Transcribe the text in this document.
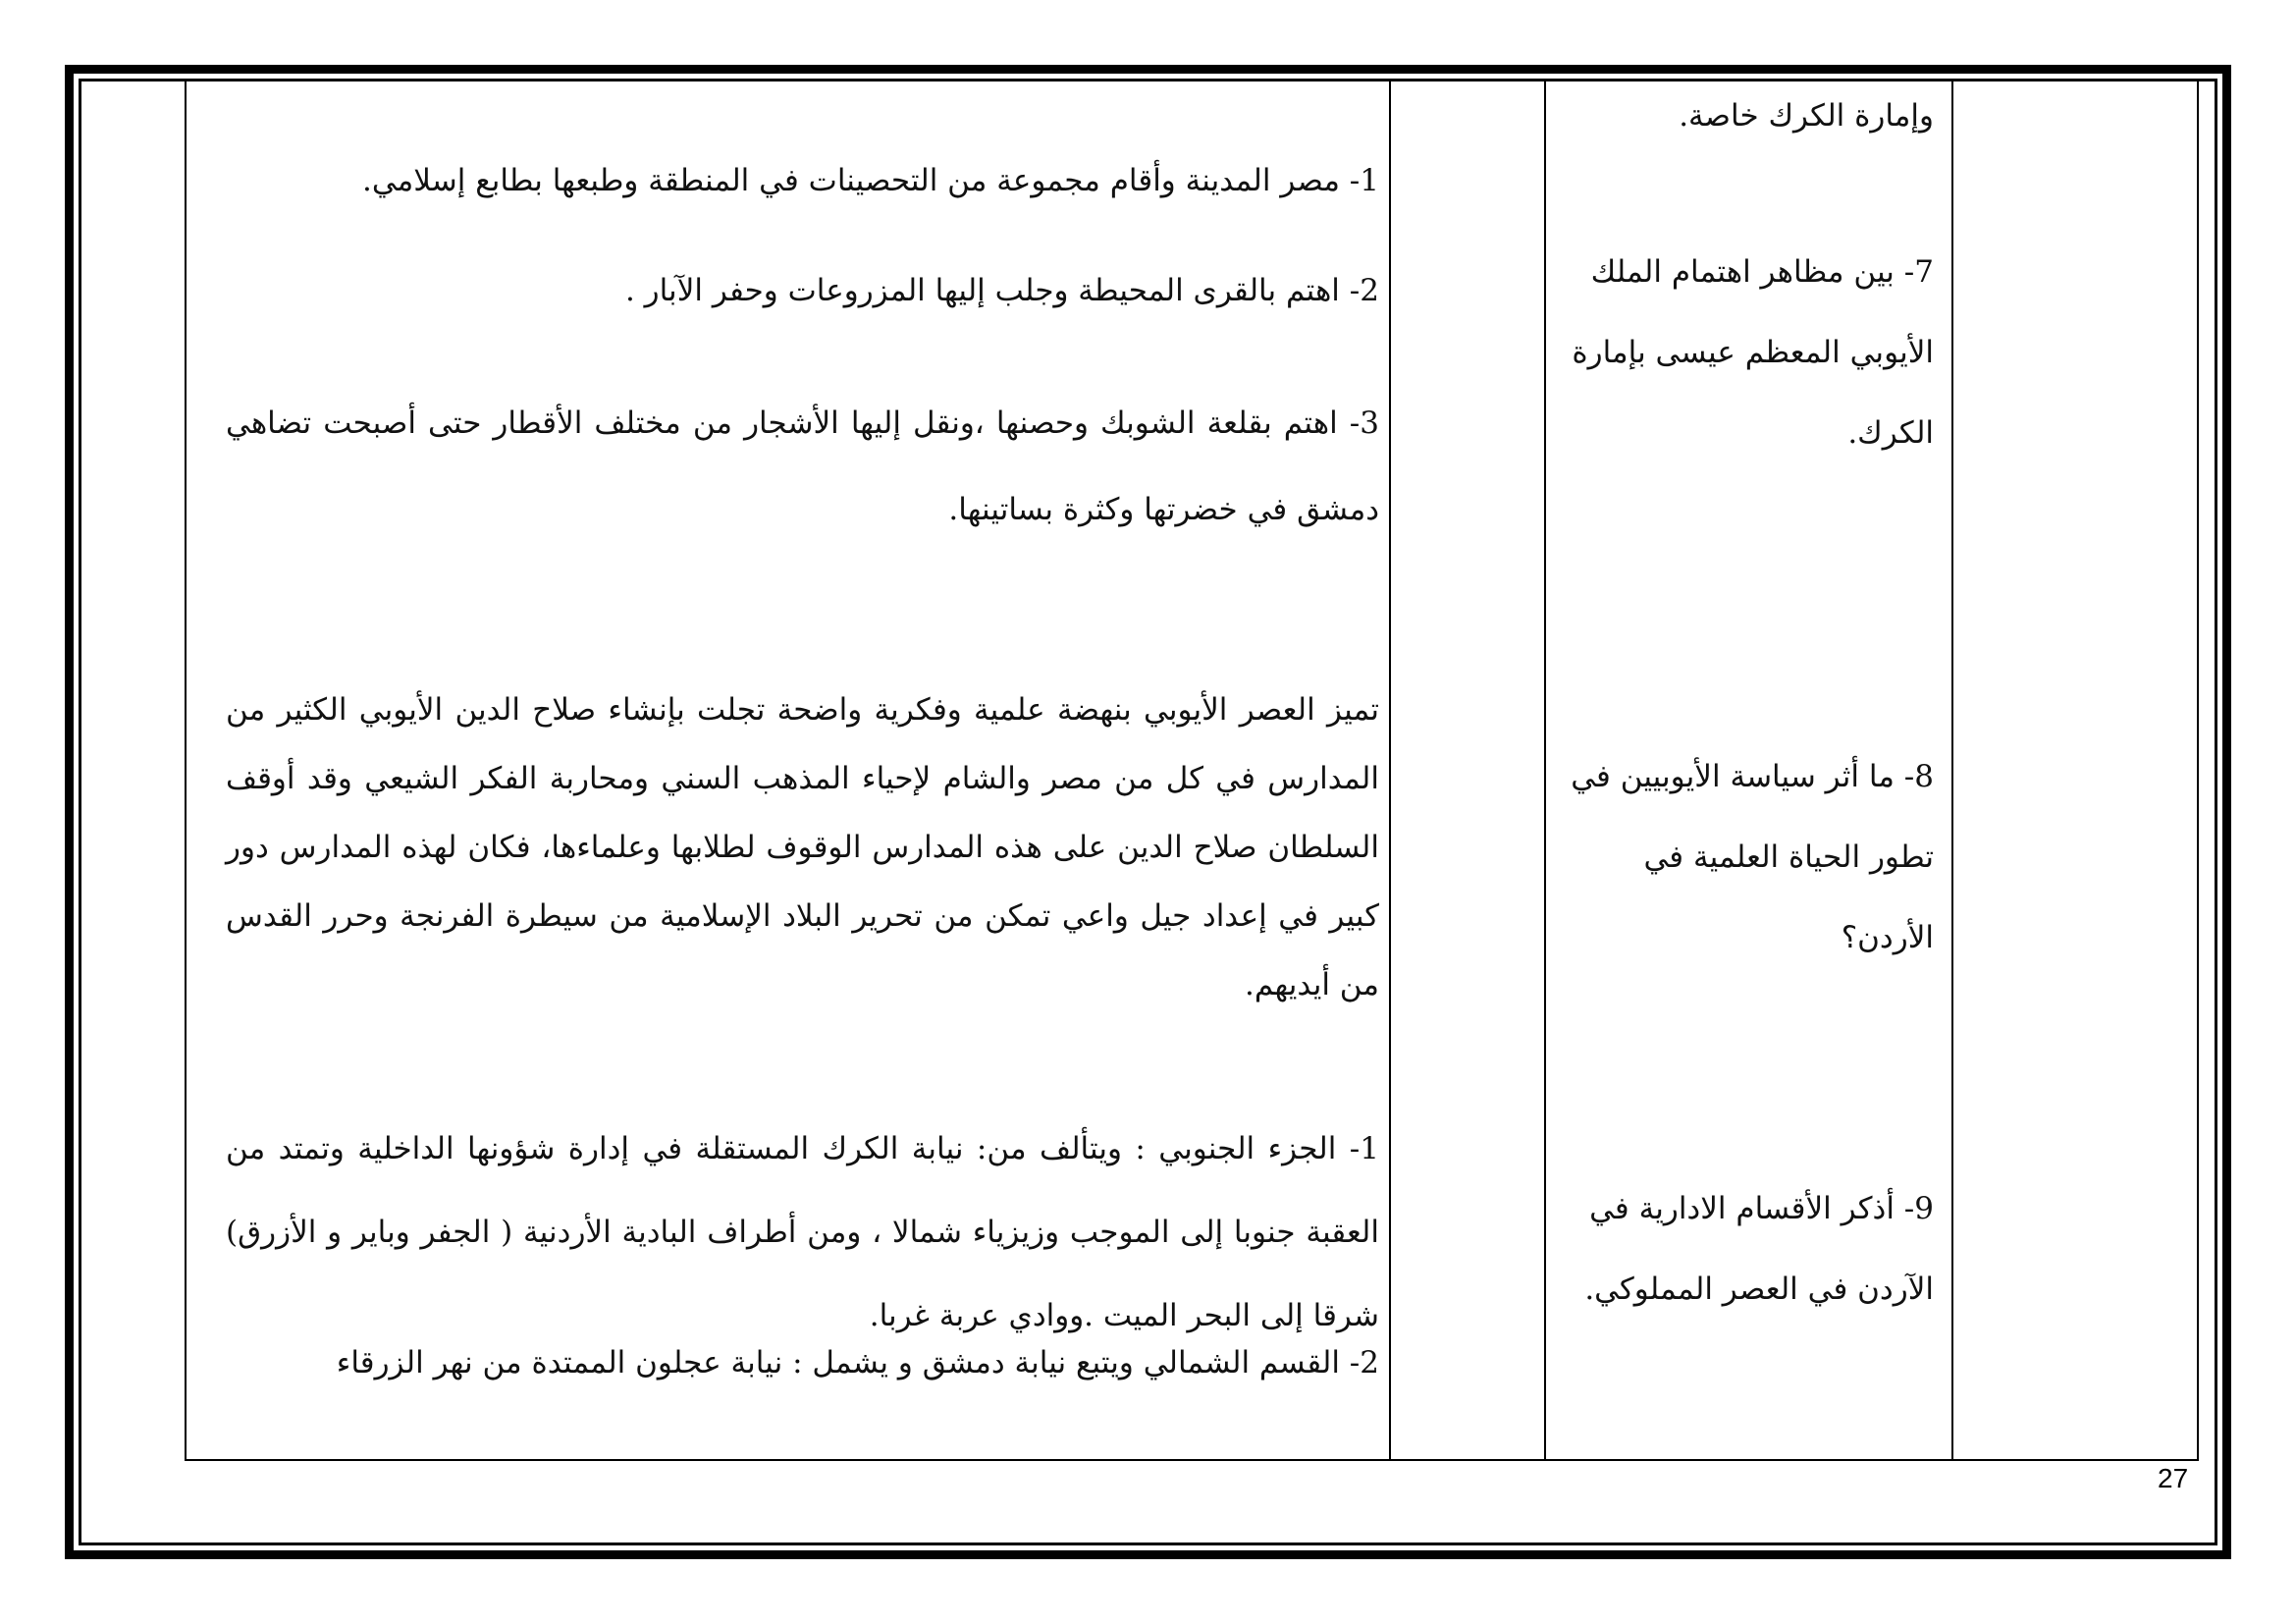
1- مصر المدينة وأقام مجموعة من التحصينات في المنطقة وطبعها بطابع إسلامي.
2- اهتم بالقرى المحيطة وجلب إليها المزروعات وحفر الآبار .
3- اهتم بقلعة الشوبك وحصنها ،ونقل إليها الأشجار من مختلف الأقطار حتى أصبحت تضاهي دمشق في خضرتها وكثرة بساتينها.
تميز العصر الأيوبي بنهضة علمية وفكرية واضحة تجلت بإنشاء صلاح الدين الأيوبي الكثير من المدارس في كل من مصر والشام لإحياء المذهب السني ومحاربة الفكر الشيعي وقد أوقف السلطان صلاح الدين على هذه المدارس الوقوف لطلابها وعلماءها، فكان لهذه المدارس دور كبير في إعداد جيل واعي تمكن من تحرير البلاد الإسلامية من سيطرة الفرنجة وحرر القدس من أيديهم.
1- الجزء الجنوبي : ويتألف من: نيابة الكرك المستقلة في إدارة شؤونها الداخلية وتمتد من العقبة جنوبا إلى الموجب وزيزياء شمالا ، ومن أطراف البادية الأردنية ( الجفر وباير و الأزرق) شرقا إلى البحر الميت .ووادي عربة غربا.
2- القسم الشمالي ويتبع نيابة دمشق و يشمل : نيابة عجلون الممتدة من نهر الزرقاء
وإمارة الكرك خاصة.
7- بين مظاهر اهتمام الملك الأيوبي المعظم عيسى بإمارة الكرك.
8- ما أثر سياسة الأيوبيين في تطور الحياة العلمية في الأردن؟
9- أذكر الأقسام الادارية في الآردن في العصر المملوكي.
27
